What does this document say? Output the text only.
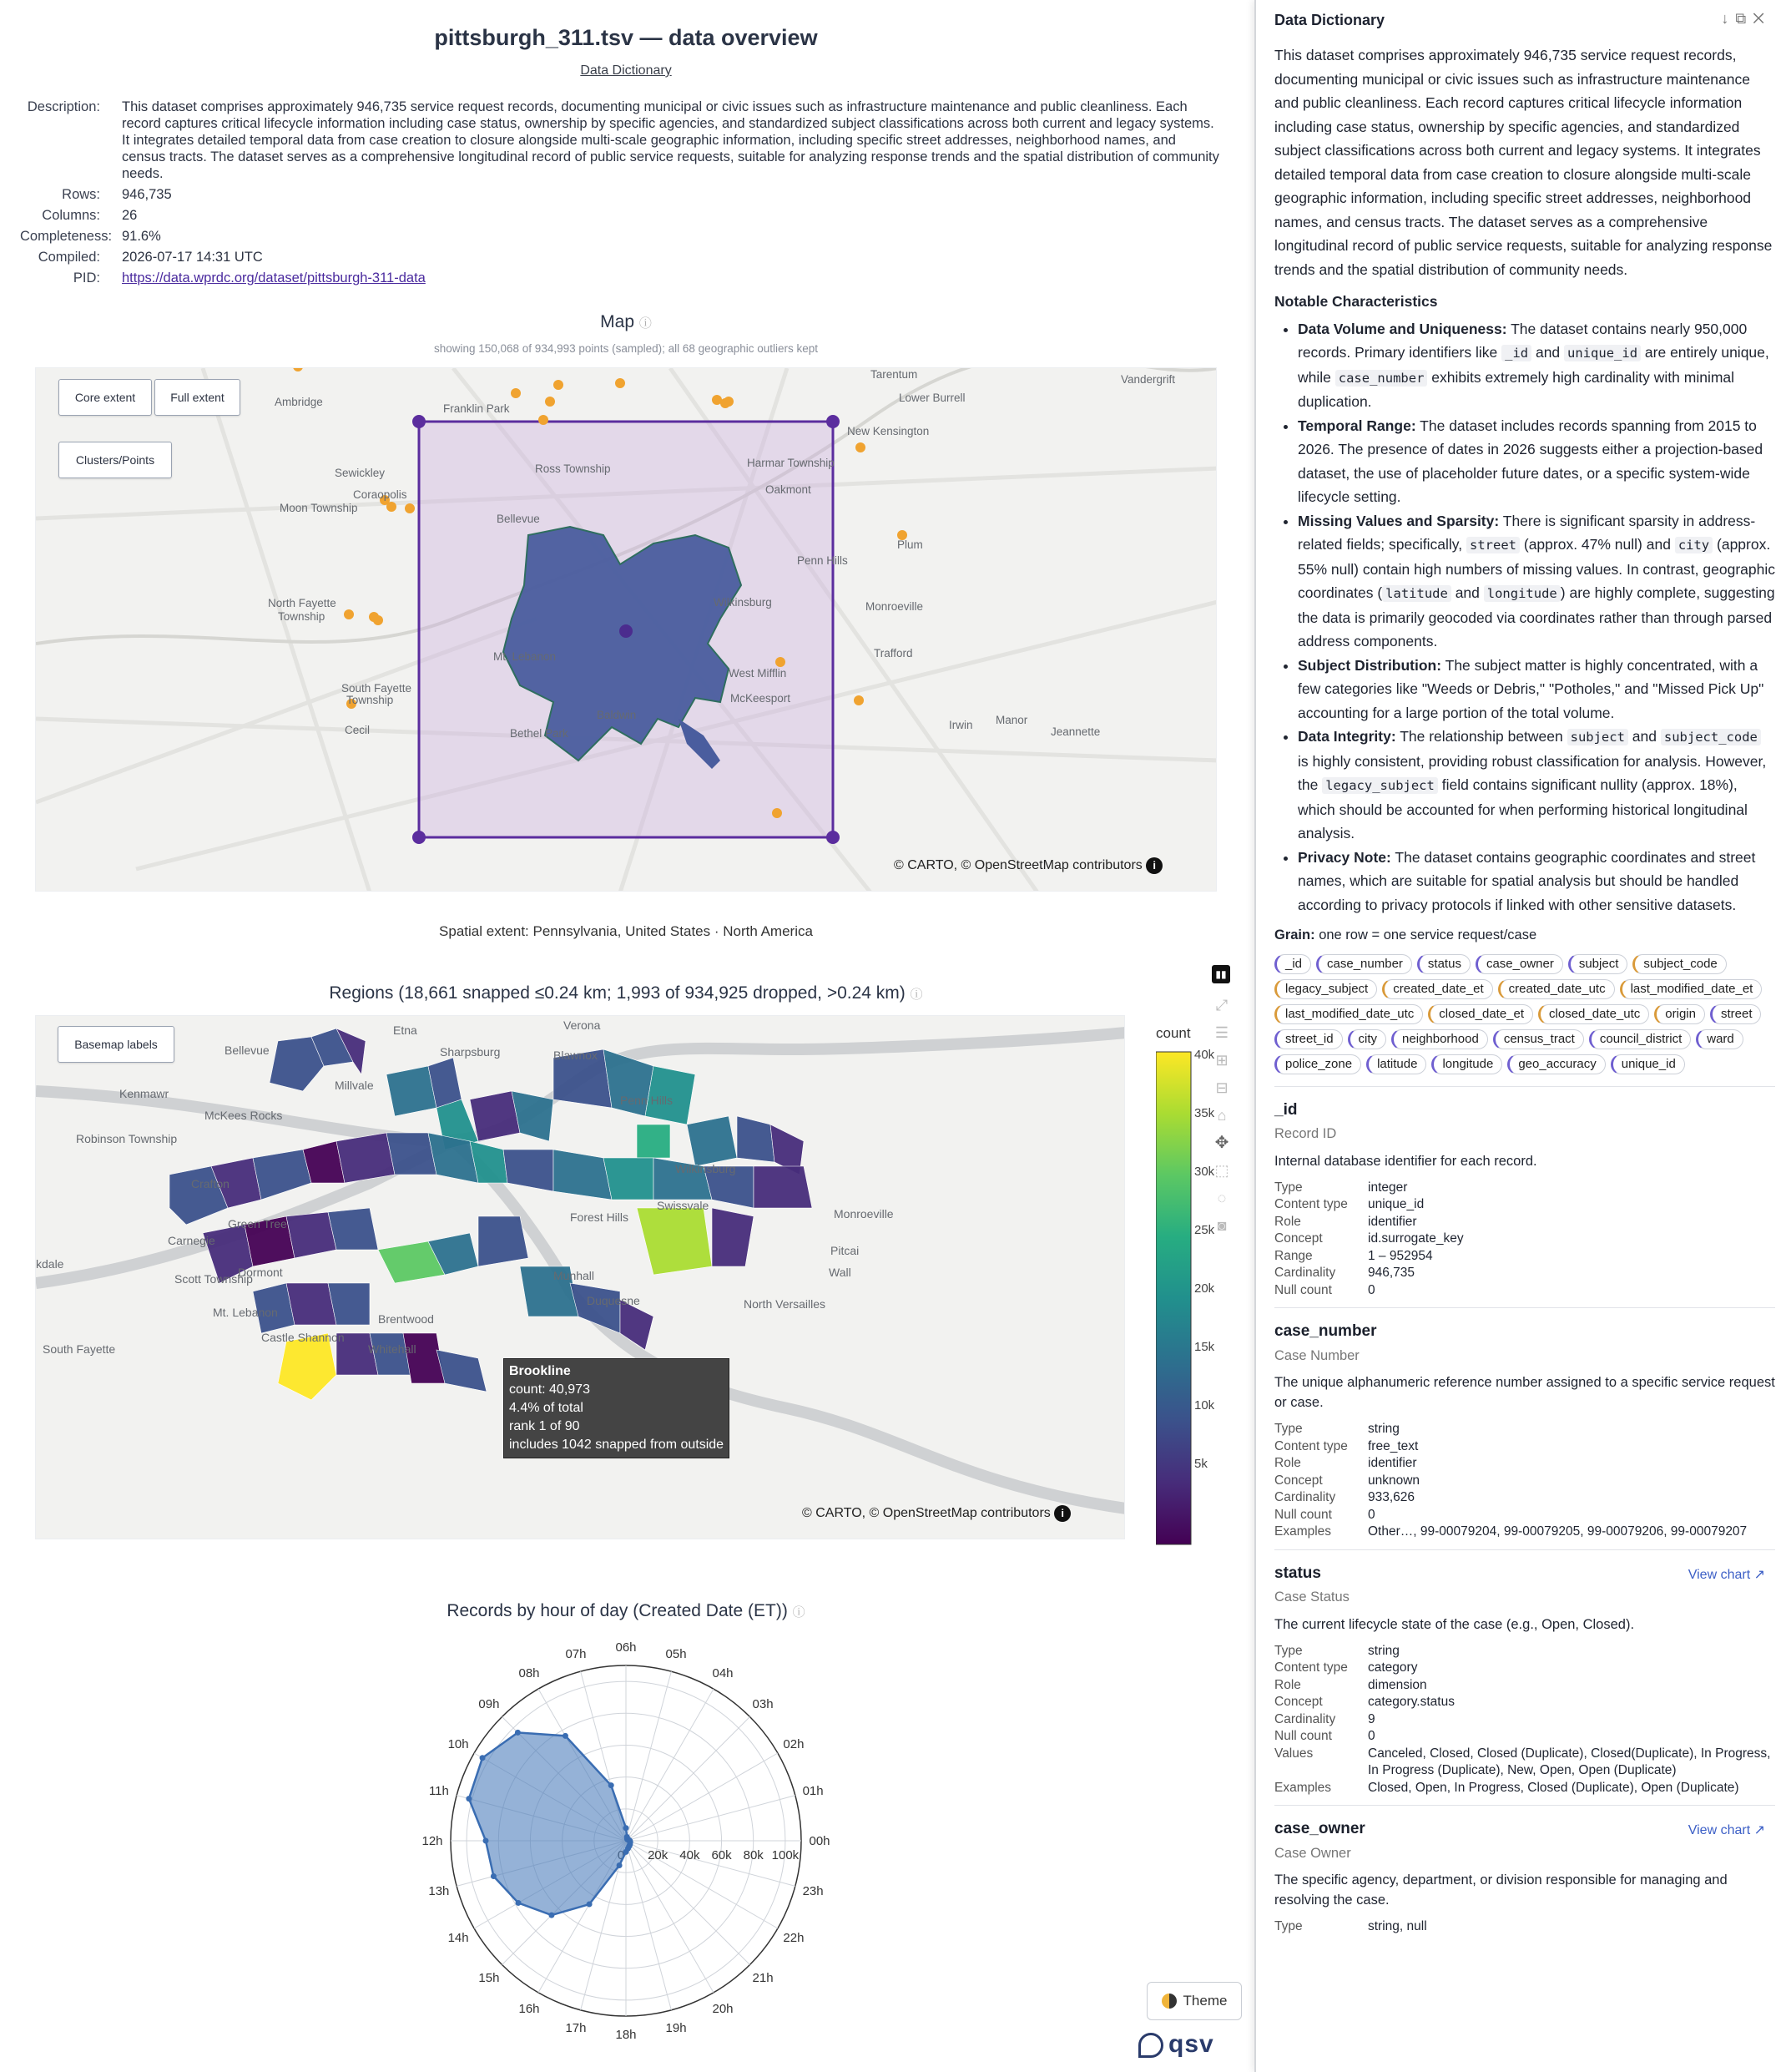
pittsburgh_311.tsv — data overview
Data Dictionary
Description:	This dataset comprises approximately 946,735 service request records, documenting municipal or civic issues such as infrastructure maintenance and public cleanliness. Each record captures critical lifecycle information including case status, ownership by specific agencies, and standardized subject classifications across both current and legacy systems. It integrates detailed temporal data from case creation to closure alongside multi-scale geographic information, including specific street addresses, neighborhood names, and census tracts. The dataset serves as a comprehensive longitudinal record of public service requests, suitable for analyzing response trends and the spatial distribution of community needs.
Rows:	946,735
Columns:	26
Completeness: 91.6%
Compiled:	2026-07-17 14:31 UTC
PID:	https://data.wprdc.org/dataset/pittsburgh-311-data
Map ⓘ
showing 150,068 of 934,993 points (sampled); all 68 geographic outliers kept
Tarentum	Vandergrift
Ambridge
Franklin Park
Lower Burrell
New Kensington
Harmar Township
Ross Township
Sewickley
Oakmont
Coraopolis
Moon Township
Bellevue
Plum
Penn Hills
Wilkinsburg
North Fayette
Township
Monroeville
Trafford
Mt. Lebanon
West Mifflin
South Fayette
Township	McKeesport
Baldwin
Cecil	Bethel Park
Irwin Manor
Jeannette
Core extent	Full extent
Clusters/Points
© CARTO, © OpenStreetMap contributors i
Spatial extent: Pennsylvania, United States · North America
Regions (18,661 snapped ≤0.24 km; 1,993 of 934,925 dropped, >0.24 km) ⓘ
Etna	Verona
Bellevue	Sharpsburg	Blawnox
Millvale
Kenmawr
McKees Rocks
Penn Hills
Robinson Township
Wilkinsburg
Crafton
Swissvale
Monroeville
Forest Hills
Carnegie
Green Tree
Pitcai
Scott Township
Dormont	Munhall	Wall
Duquesne	North Versailles
Mt. Lebanon	Brentwood
Castle Shannon
Whitehall
South Fayette
kdale
Basemap labels
© CARTO, © OpenStreetMap contributors i
Brookline
count: 40,973
4.4% of total
rank 1 of 90
includes 1042 snapped from outside
count
40k
35k
30k
25k
20k
15k
10k
5k
▮▮
⤢
☰
⊞
⊟
⌂
✥
⬚
◌
◙
Records by hour of day (Created Date (ET)) ⓘ
00h
01h
02h
03h
04h
05h
06h
07h
08h
09h
10h
11h
12h
13h
14h
15h
16h
17h 18h 19h
20h
21h
22h
23h
20k 40k 60k 80k 100k
Theme
qsv
Data Dictionary	↓⧉✕

This dataset comprises approximately 946,735 service request records, documenting municipal or civic issues such as infrastructure maintenance and public cleanliness. Each record captures critical lifecycle information including case status, ownership by specific agencies, and standardized subject classifications across both current and legacy systems. It integrates detailed temporal data from case creation to closure alongside multi-scale geographic information, including specific street addresses, neighborhood names, and census tracts. The dataset serves as a comprehensive longitudinal record of public service requests, suitable for analyzing response trends and the spatial distribution of community needs.

Notable Characteristics
• Data Volume and Uniqueness: The dataset contains nearly 950,000 records. Primary identifiers like _id and unique_id are entirely unique, while case_number exhibits extremely high cardinality with minimal duplication.
• Temporal Range: The dataset includes records spanning from 2015 to 2026. The presence of dates in 2026 suggests either a projection-based dataset, the use of placeholder future dates, or a specific system-wide lifecycle setting.
• Missing Values and Sparsity: There is significant sparsity in address-related fields; specifically, street (approx. 47% null) and city (approx. 55% null) contain high numbers of missing values. In contrast, geographic coordinates ( latitude and longitude ) are highly complete, suggesting the data is primarily geocoded via coordinates rather than through parsed address components.
• Subject Distribution: The subject matter is highly concentrated, with a few categories like "Weeds or Debris," "Potholes," and "Missed Pick Up" accounting for a large portion of the total volume.
• Data Integrity: The relationship between subject and subject_code is highly consistent, providing robust classification for analysis. However, the legacy_subject field contains significant nullity (approx. 18%), which should be accounted for when performing historical longitudinal analysis.
• Privacy Note: The dataset contains geographic coordinates and street names, which are suitable for spatial analysis but should be handled according to privacy protocols if linked with other sensitive datasets.
Grain: one row = one service request/case
_id	case_number	status	case_owner	subject	subject_code
legacy_subject	created_date_et	created_date_utc	last_modified_date_et
last_modified_date_utc	closed_date_et	closed_date_utc	origin	street
street_id	city	neighborhood	census_tract	council_district	ward
police_zone	latitude	longitude	geo_accuracy	unique_id
_id
Record ID
Internal database identifier for each record.
Type	integer
Content type	unique_id
Role	identifier
Concept	id.surrogate_key
Range	1 – 952954
Cardinality	946,735
Null count	0
case_number
Case Number
The unique alphanumeric reference number assigned to a specific service request or case.
Type	string
Content type	free_text
Role	identifier
Concept	unknown
Cardinality	933,626
Null count	0
Examples	Other…, 99-00079204, 99-00079205, 99-00079206, 99-00079207
status	View chart ↗
Case Status
The current lifecycle state of the case (e.g., Open, Closed).
Type	string
Content type	category
Role	dimension
Concept	category.status
Cardinality	9
Null count	0
Values	Canceled, Closed, Closed (Duplicate), Closed(Duplicate), In Progress, In Progress (Duplicate), New, Open, Open (Duplicate)
Examples	Closed, Open, In Progress, Closed (Duplicate), Open (Duplicate)
case_owner	View chart ↗
Case Owner
The specific agency, department, or division responsible for managing and resolving the case.
Type	string, null
